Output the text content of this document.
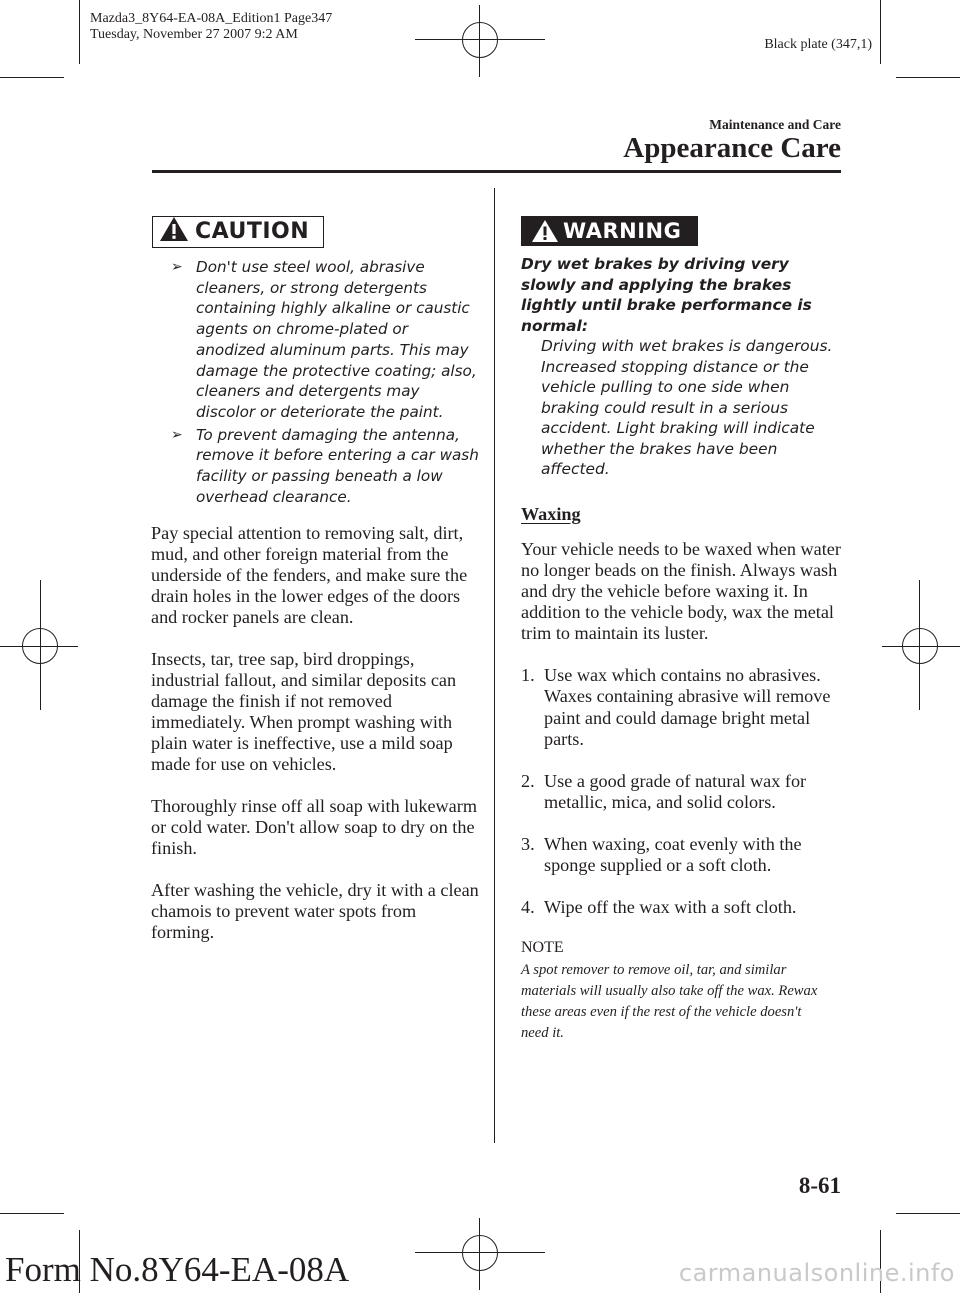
Mazda3_8Y64-EA-08A_Edition1 Page347
Tuesday, November 27 2007 9:2 AM
Black plate (347,1)
Maintenance and Care
Appearance Care
CAUTION
➢ Don't use steel wool, abrasive cleaners, or strong detergents containing highly alkaline or caustic agents on chrome-plated or anodized aluminum parts. This may damage the protective coating; also, cleaners and detergents may discolor or deteriorate the paint.
➢ To prevent damaging the antenna, remove it before entering a car wash facility or passing beneath a low overhead clearance.

Pay special attention to removing salt, dirt, mud, and other foreign material from the underside of the fenders, and make sure the drain holes in the lower edges of the doors and rocker panels are clean.

Insects, tar, tree sap, bird droppings, industrial fallout, and similar deposits can damage the finish if not removed immediately. When prompt washing with plain water is ineffective, use a mild soap made for use on vehicles.

Thoroughly rinse off all soap with lukewarm or cold water. Don't allow soap to dry on the finish.

After washing the vehicle, dry it with a clean chamois to prevent water spots from forming.

WARNING

Dry wet brakes by driving very slowly and applying the brakes lightly until brake performance is normal:

Driving with wet brakes is dangerous. Increased stopping distance or the vehicle pulling to one side when braking could result in a serious accident. Light braking will indicate whether the brakes have been affected.

Waxing

Your vehicle needs to be waxed when water no longer beads on the finish. Always wash and dry the vehicle before waxing it. In addition to the vehicle body, wax the metal trim to maintain its luster.

1. Use wax which contains no abrasives. Waxes containing abrasive will remove paint and could damage bright metal parts.
2. Use a good grade of natural wax for metallic, mica, and solid colors.
3. When waxing, coat evenly with the sponge supplied or a soft cloth.
4. Wipe off the wax with a soft cloth.
NOTE

A spot remover to remove oil, tar, and similar materials will usually also take off the wax. Rewax these areas even if the rest of the vehicle doesn't need it.

8-61
Form No.8Y64-EA-08A	carmanualsonline.info
